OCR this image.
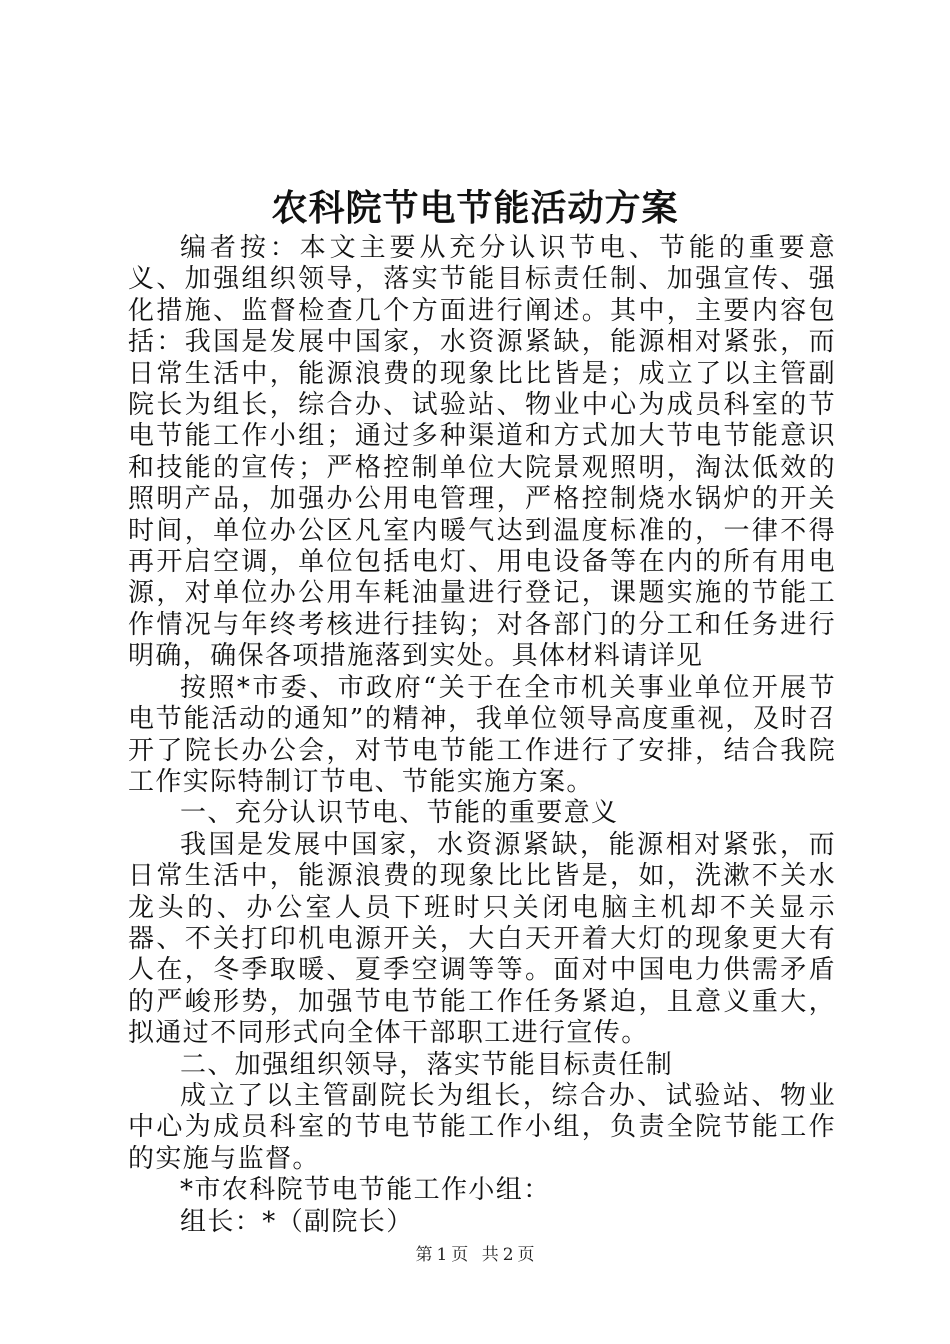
农科院节电节能活动方案

编者按：本文主要从充分认识节电、节能的重要意义、加强组织领导，落实节能目标责任制、加强宣传、强化措施、监督检查几个方面进行阐述。其中，主要内容包括：我国是发展中国家，水资源紧缺，能源相对紧张，而日常生活中，能源浪费的现象比比皆是；成立了以主管副院长为组长，综合办、试验站、物业中心为成员科室的节电节能工作小组；通过多种渠道和方式加大节电节能意识和技能的宣传；严格控制单位大院景观照明，淘汰低效的照明产品，加强办公用电管理，严格控制烧水锅炉的开关时间，单位办公区凡室内暖气达到温度标准的，一律不得再开启空调，单位包括电灯、用电设备等在内的所有用电源，对单位办公用车耗油量进行登记，课题实施的节能工作情况与年终考核进行挂钩；对各部门的分工和任务进行明确，确保各项措施落到实处。具体材料请详见

按照*市委、市政府“关于在全市机关事业单位开展节电节能活动的通知”的精神，我单位领导高度重视，及时召开了院长办公会，对节电节能工作进行了安排，结合我院工作实际特制订节电、节能实施方案。

一、充分认识节电、节能的重要意义

我国是发展中国家，水资源紧缺，能源相对紧张，而日常生活中，能源浪费的现象比比皆是，如，洗漱不关水龙头的、办公室人员下班时只关闭电脑主机却不关显示器、不关打印机电源开关，大白天开着大灯的现象更大有人在，冬季取暖、夏季空调等等。面对中国电力供需矛盾的严峻形势，加强节电节能工作任务紧迫，且意义重大，拟通过不同形式向全体干部职工进行宣传。

二、加强组织领导，落实节能目标责任制

成立了以主管副院长为组长，综合办、试验站、物业中心为成员科室的节电节能工作小组，负责全院节能工作的实施与监督。

*市农科院节电节能工作小组：

组长：*（副院长）

第 1 页 共 2 页
